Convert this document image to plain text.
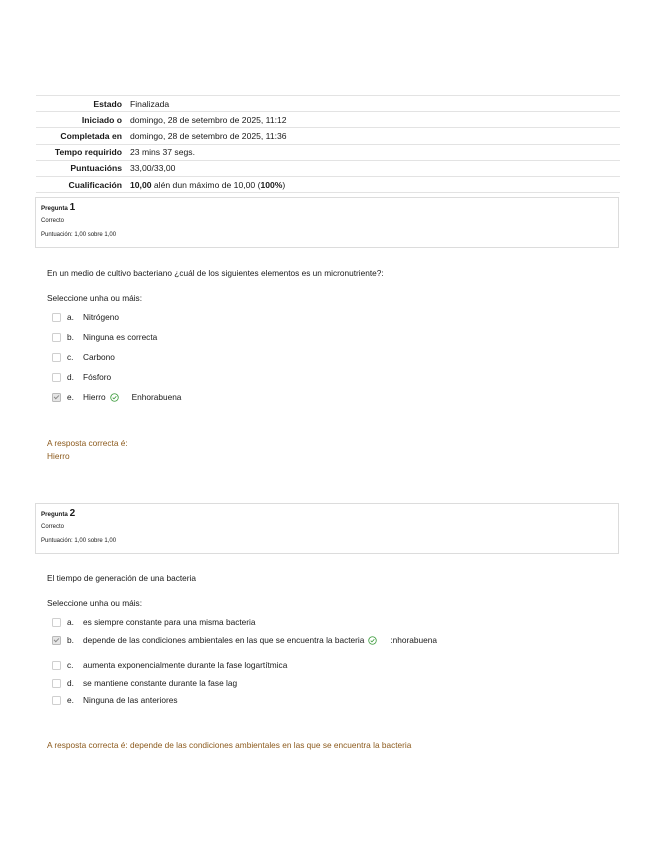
Estado Finalizada
Iniciado o domingo, 28 de setembro de 2025, 11:12
Completada en domingo, 28 de setembro de 2025, 11:36
Tempo requirido 23 mins 37 segs.
Puntuacións 33,00/33,00
Cualificación 10,00 alén dun máximo de 10,00 (100%)
Pregunta 1
Correcto
Puntuación: 1,00 sobre 1,00
En un medio de cultivo bacteriano ¿cuál de los siguientes elementos es un micronutriente?:
Seleccione unha ou máis:
a.	Nitrógeno
b.	Ninguna es correcta
c.	Carbono
d.	Fósforo
e.	Hierro	Enhorabuena
A resposta correcta é:
Hierro
Pregunta 2
Correcto
Puntuación: 1,00 sobre 1,00
El tiempo de generación de una bacteria
Seleccione unha ou máis:
a.	es siempre constante para una misma bacteria
b.	depende de las condiciones ambientales en las que se encuentra la bacteria	:nhorabuena
c.	aumenta exponencialmente durante la fase logartítmica
d.	se mantiene constante durante la fase lag
e.	Ninguna de las anteriores
A resposta correcta é: depende de las condiciones ambientales en las que se encuentra la bacteria
